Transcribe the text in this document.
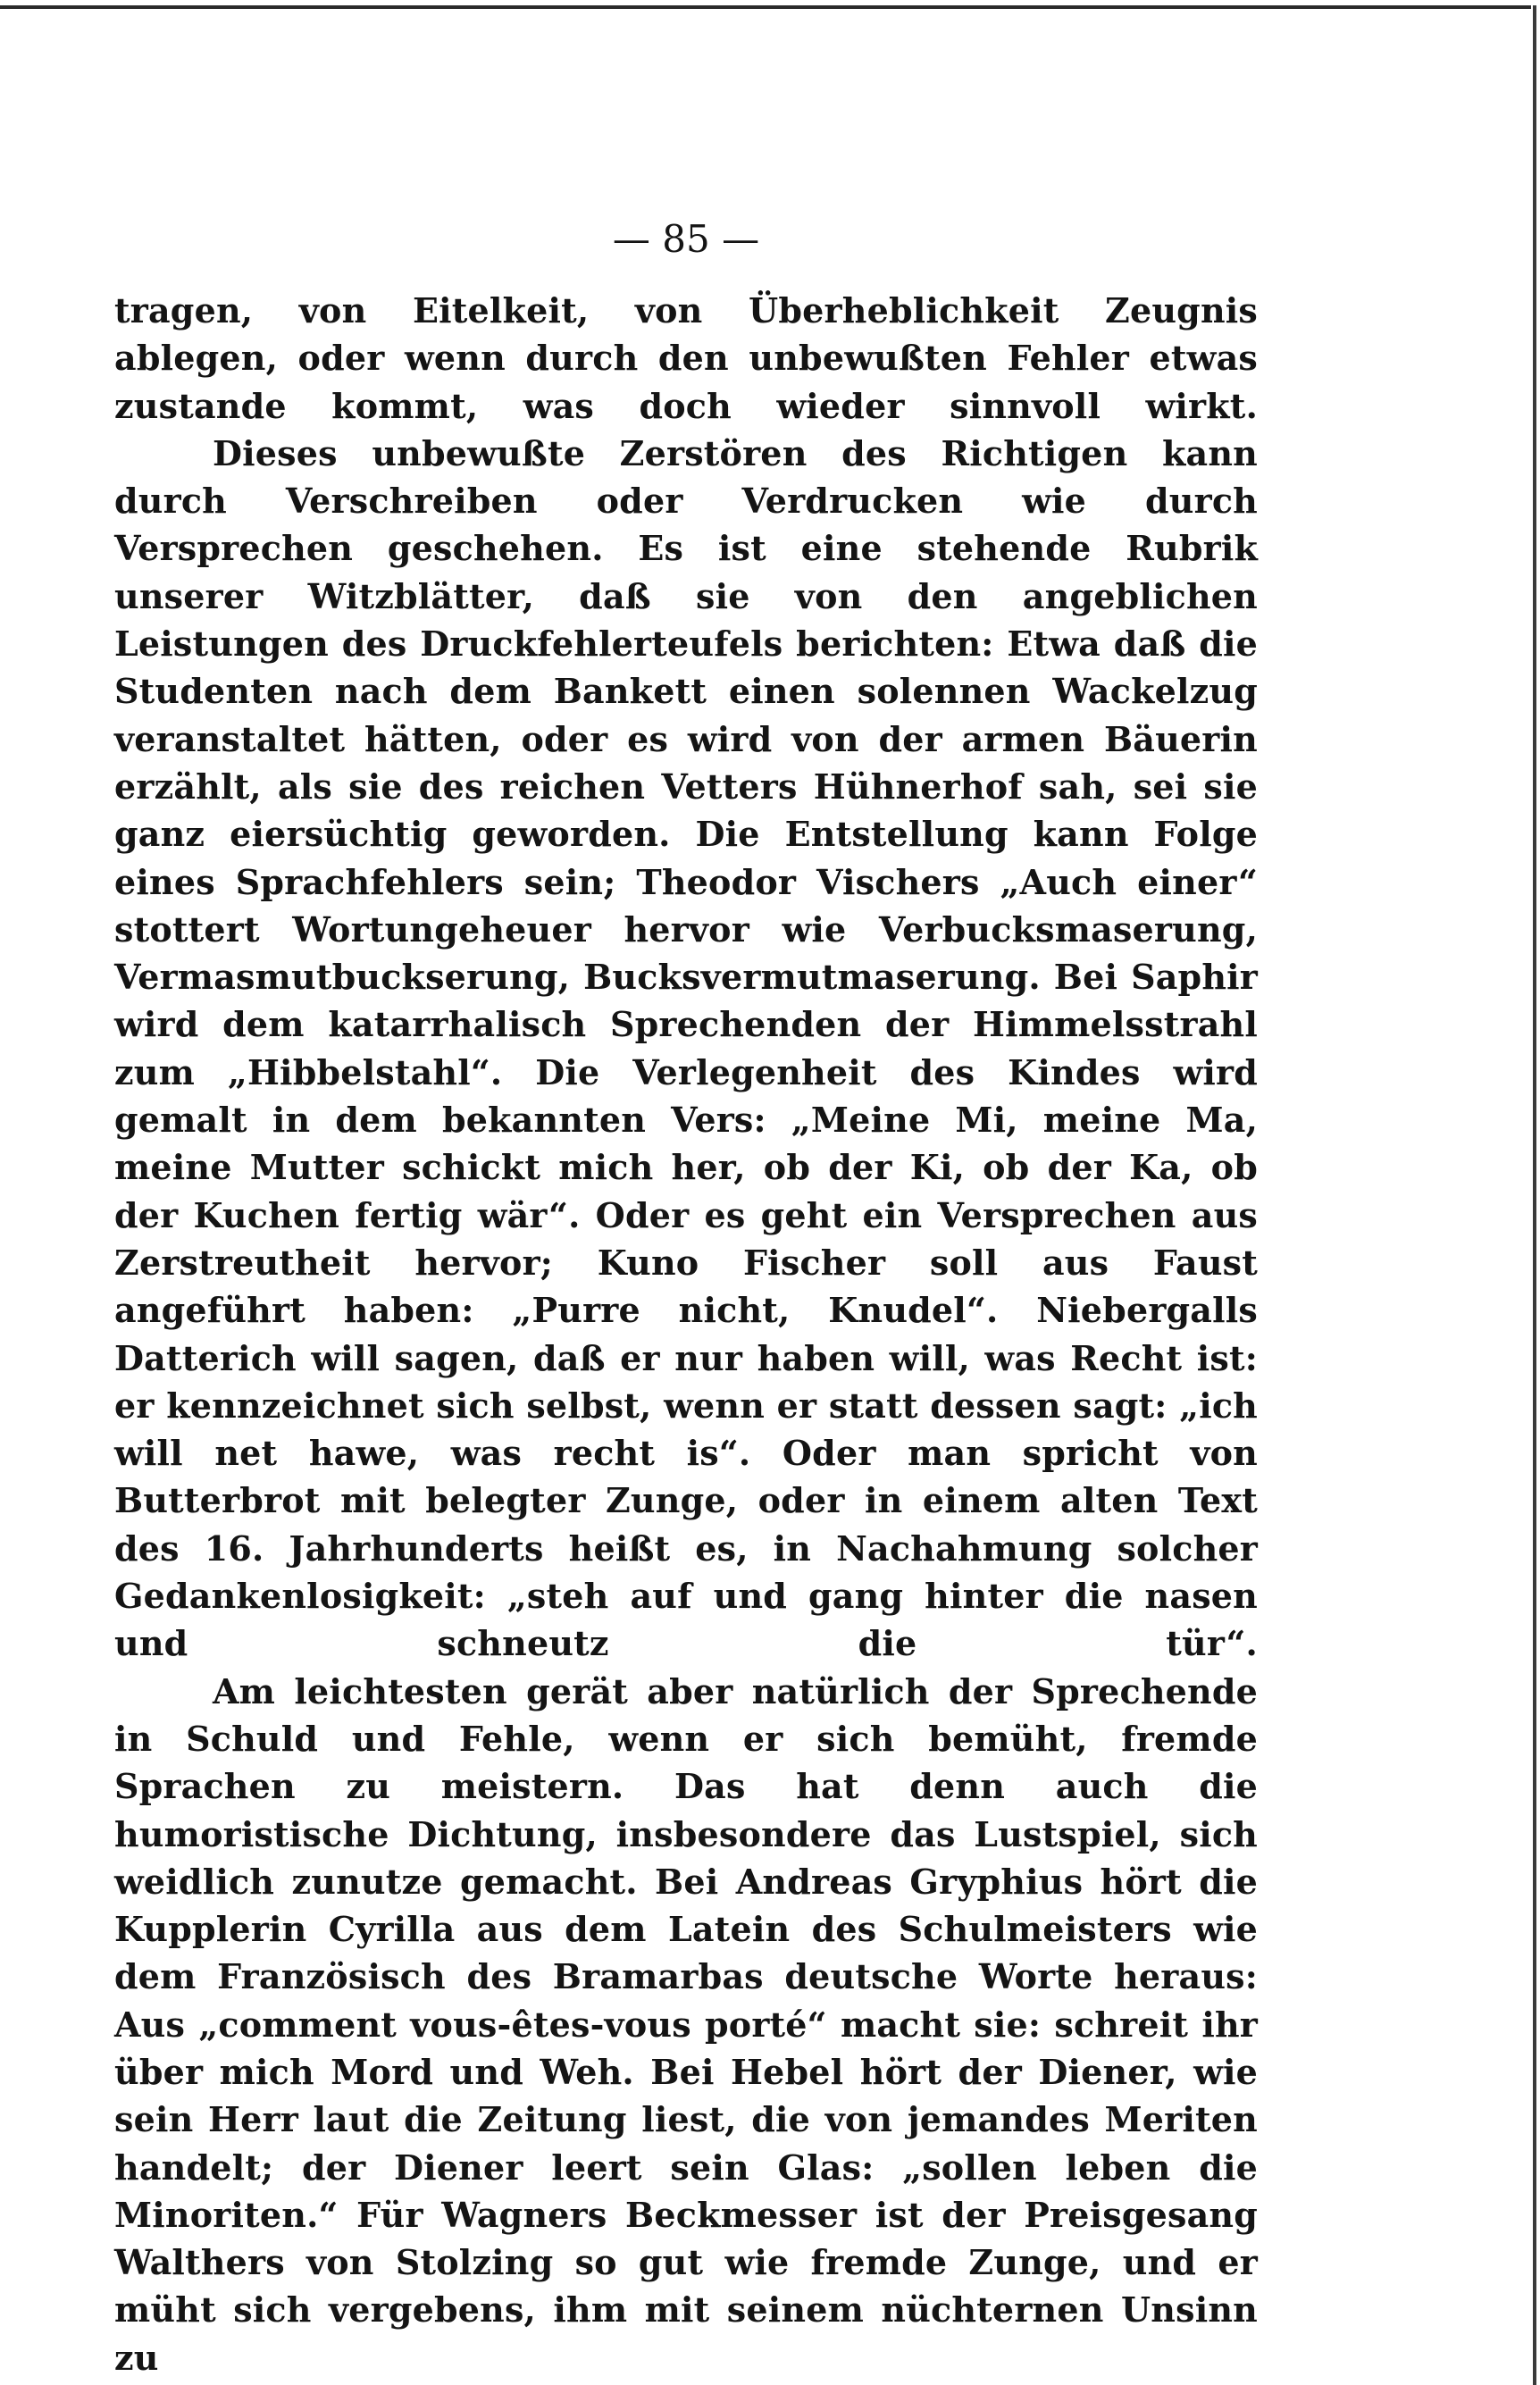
— 85 —

tragen, von Eitelkeit, von Überheblichkeit Zeugnis ablegen, oder wenn durch den unbewußten Fehler etwas zustande kommt, was doch wieder sinnvoll wirkt.

Dieses unbewußte Zerstören des Richtigen kann durch Verschreiben oder Verdrucken wie durch Versprechen geschehen. Es ist eine stehende Rubrik unserer Witzblätter, daß sie von den angeblichen Leistungen des Druckfehlerteufels berichten: Etwa daß die Studenten nach dem Bankett einen solennen Wackelzug veranstaltet hätten, oder es wird von der armen Bäuerin erzählt, als sie des reichen Vetters Hühnerhof sah, sei sie ganz eiersüchtig geworden. Die Entstellung kann Folge eines Sprachfehlers sein; Theodor Vischers „Auch einer“ stottert Wortungeheuer hervor wie Verbucksmaserung, Vermasmutbuckserung, Bucksvermutmaserung. Bei Saphir wird dem katarrhalisch Sprechenden der Himmelsstrahl zum „Hibbelstahl“. Die Verlegenheit des Kindes wird gemalt in dem bekannten Vers: „Meine Mi, meine Ma, meine Mutter schickt mich her, ob der Ki, ob der Ka, ob der Kuchen fertig wär“. Oder es geht ein Versprechen aus Zerstreutheit hervor; Kuno Fischer soll aus Faust angeführt haben: „Purre nicht, Knudel“. Niebergalls Datterich will sagen, daß er nur haben will, was Recht ist: er kennzeichnet sich selbst, wenn er statt dessen sagt: „ich will net hawe, was recht is“. Oder man spricht von Butterbrot mit belegter Zunge, oder in einem alten Text des 16. Jahrhunderts heißt es, in Nachahmung solcher Gedankenlosigkeit: „steh auf und gang hinter die nasen und schneutz die tür“.

Am leichtesten gerät aber natürlich der Sprechende in Schuld und Fehle, wenn er sich bemüht, fremde Sprachen zu meistern. Das hat denn auch die humoristische Dichtung, insbesondere das Lustspiel, sich weidlich zunutze gemacht. Bei Andreas Gryphius hört die Kupplerin Cyrilla aus dem Latein des Schulmeisters wie dem Französisch des Bramarbas deutsche Worte heraus: Aus „comment vous-êtes-vous porté“ macht sie: schreit ihr über mich Mord und Weh. Bei Hebel hört der Diener, wie sein Herr laut die Zeitung liest, die von jemandes Meriten handelt; der Diener leert sein Glas: „sollen leben die Minoriten.“ Für Wagners Beckmesser ist der Preisgesang Walthers von Stolzing so gut wie fremde Zunge, und er müht sich vergebens, ihm mit seinem nüchternen Unsinn zu
